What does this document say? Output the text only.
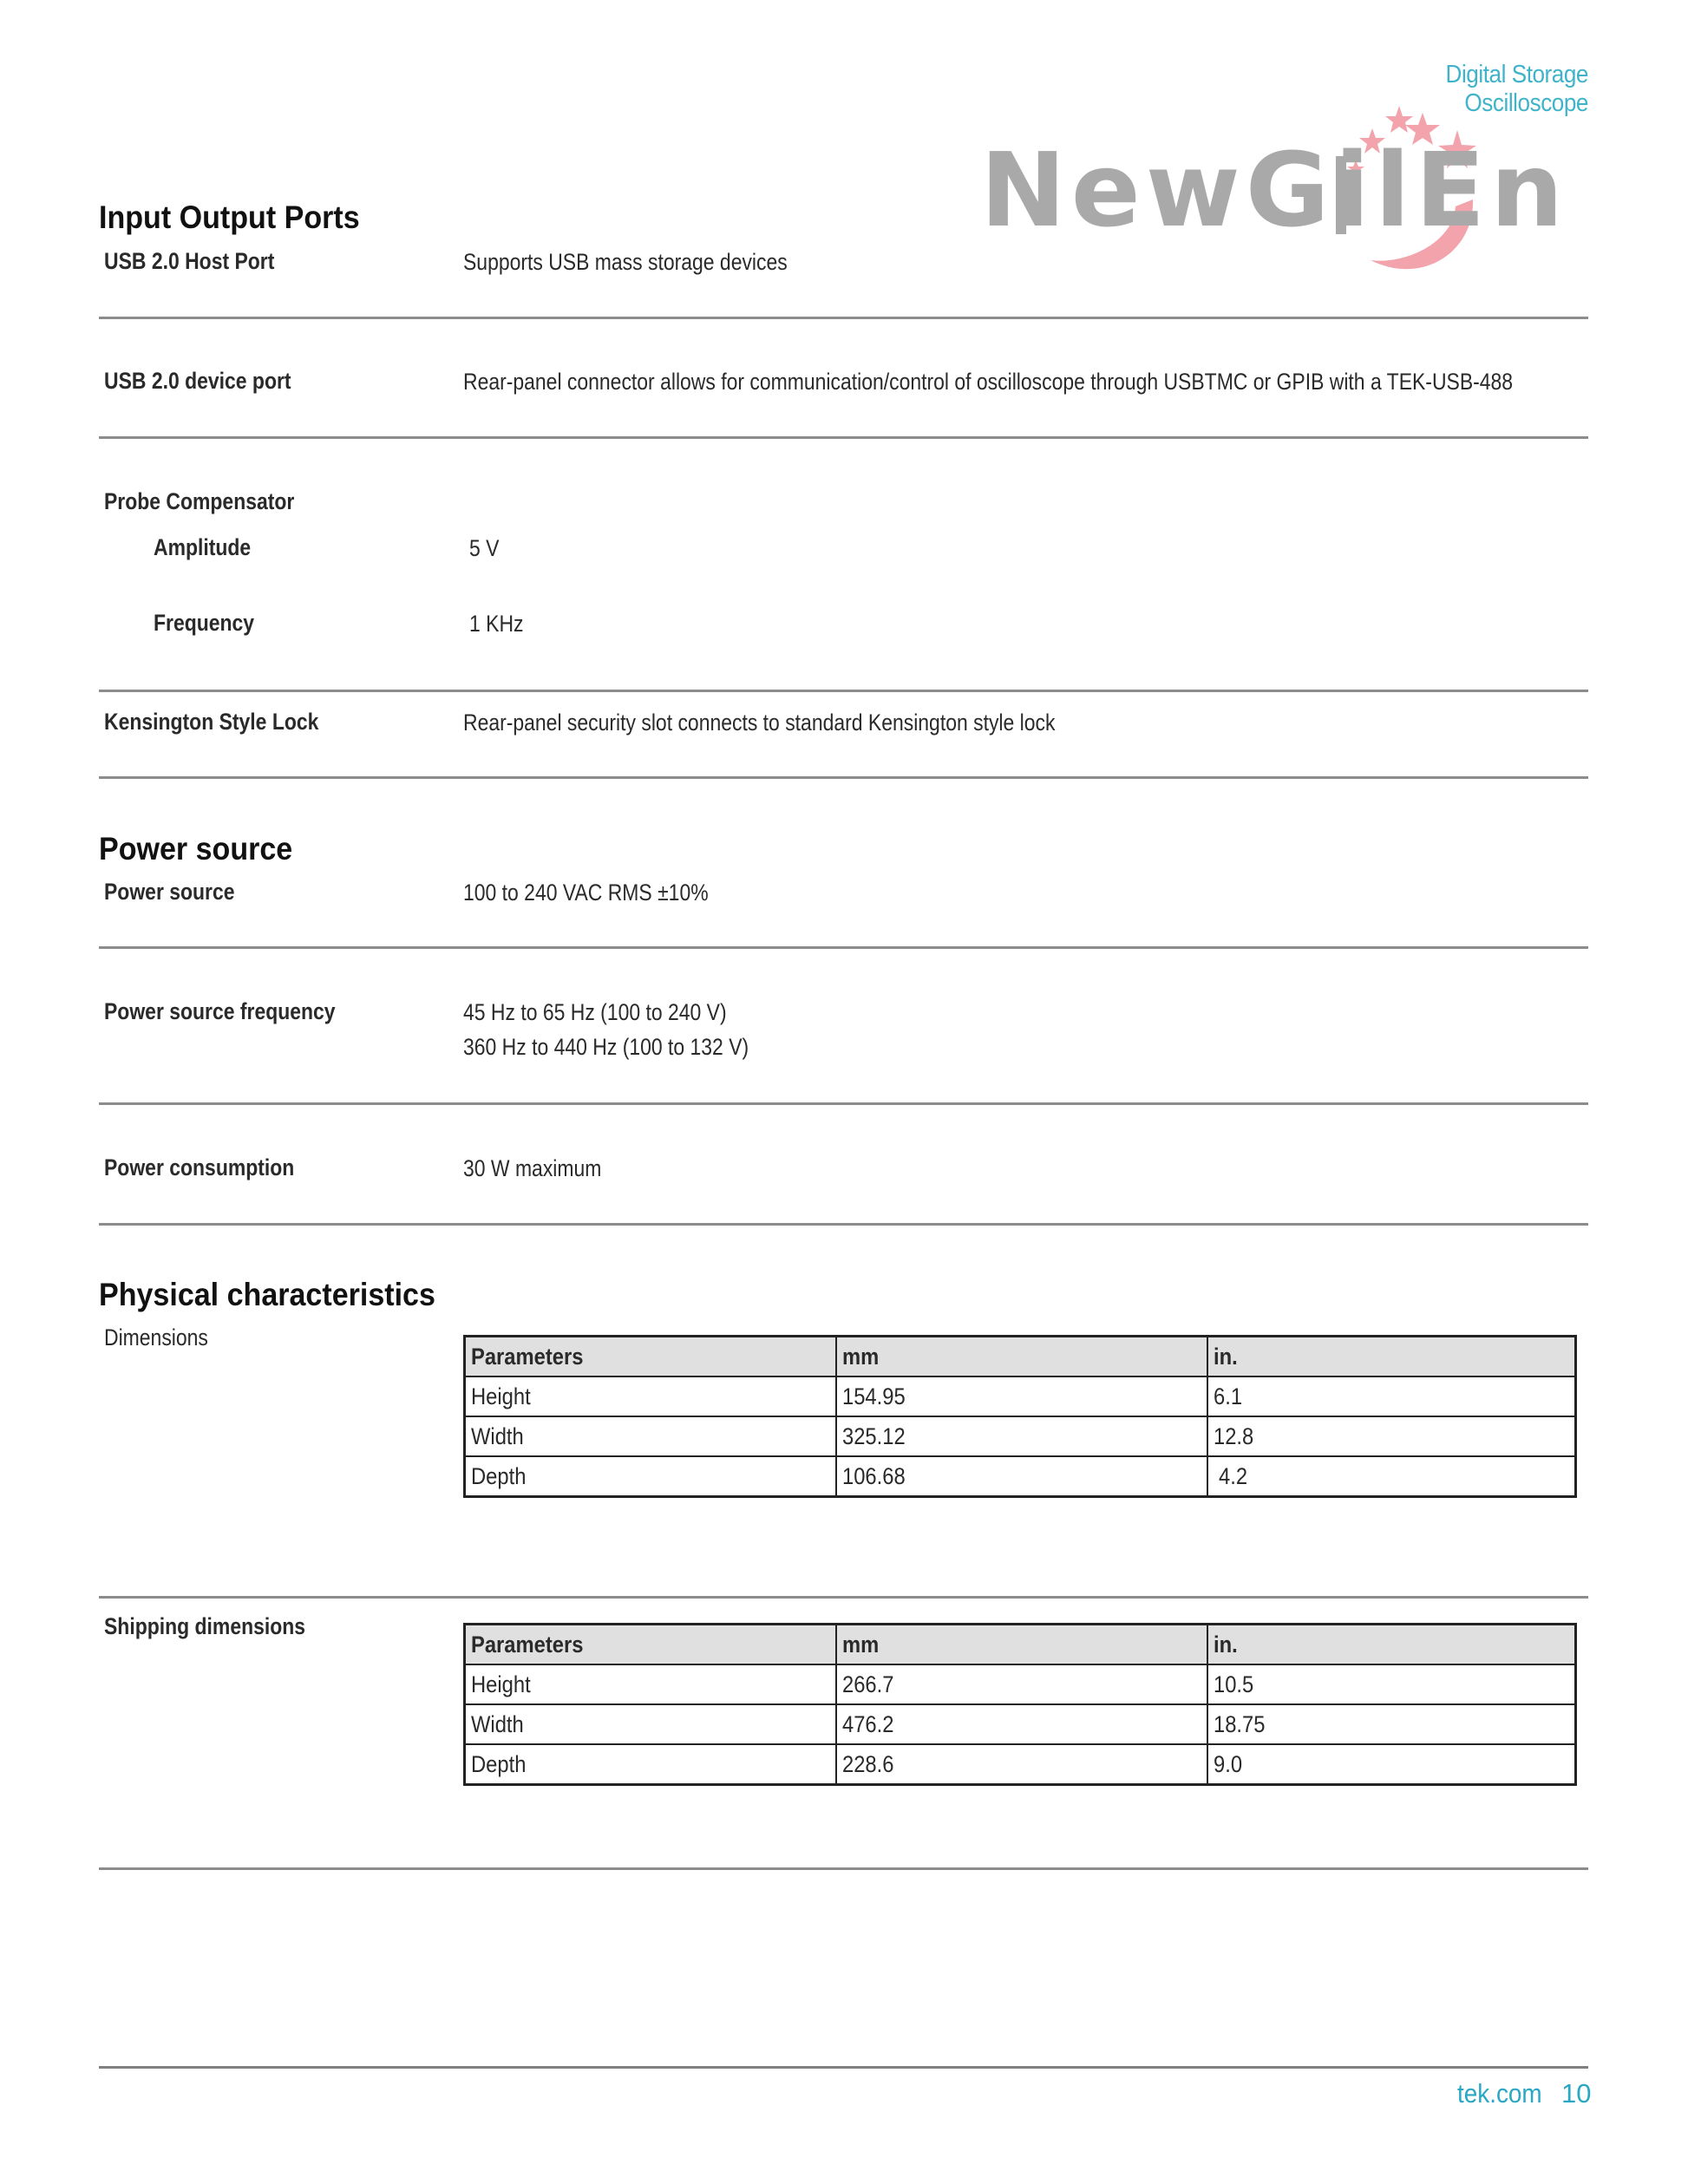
Digital Storage Oscilloscope
NewGilEn
Input Output Ports
USB 2.0 Host Port	Supports USB mass storage devices
USB 2.0 device port	Rear-panel connector allows for communication/control of oscilloscope through USBTMC or GPIB with a TEK-USB-488
Probe Compensator
Amplitude	5 V
Frequency	1 KHz
Kensington Style Lock	Rear-panel security slot connects to standard Kensington style lock
Power source
Power source	100 to 240 VAC RMS ±10%
Power source frequency	45 Hz to 65 Hz (100 to 240 V)
360 Hz to 440 Hz (100 to 132 V)
Power consumption	30 W maximum
Physical characteristics
Dimensions
Parameters	mm	in.
Height	154.95	6.1
Width	325.12	12.8
Depth	106.68	4.2
Shipping dimensions
Parameters	mm	in.
Height	266.7	10.5
Width	476.2	18.75
Depth	228.6	9.0
tek.com 10
